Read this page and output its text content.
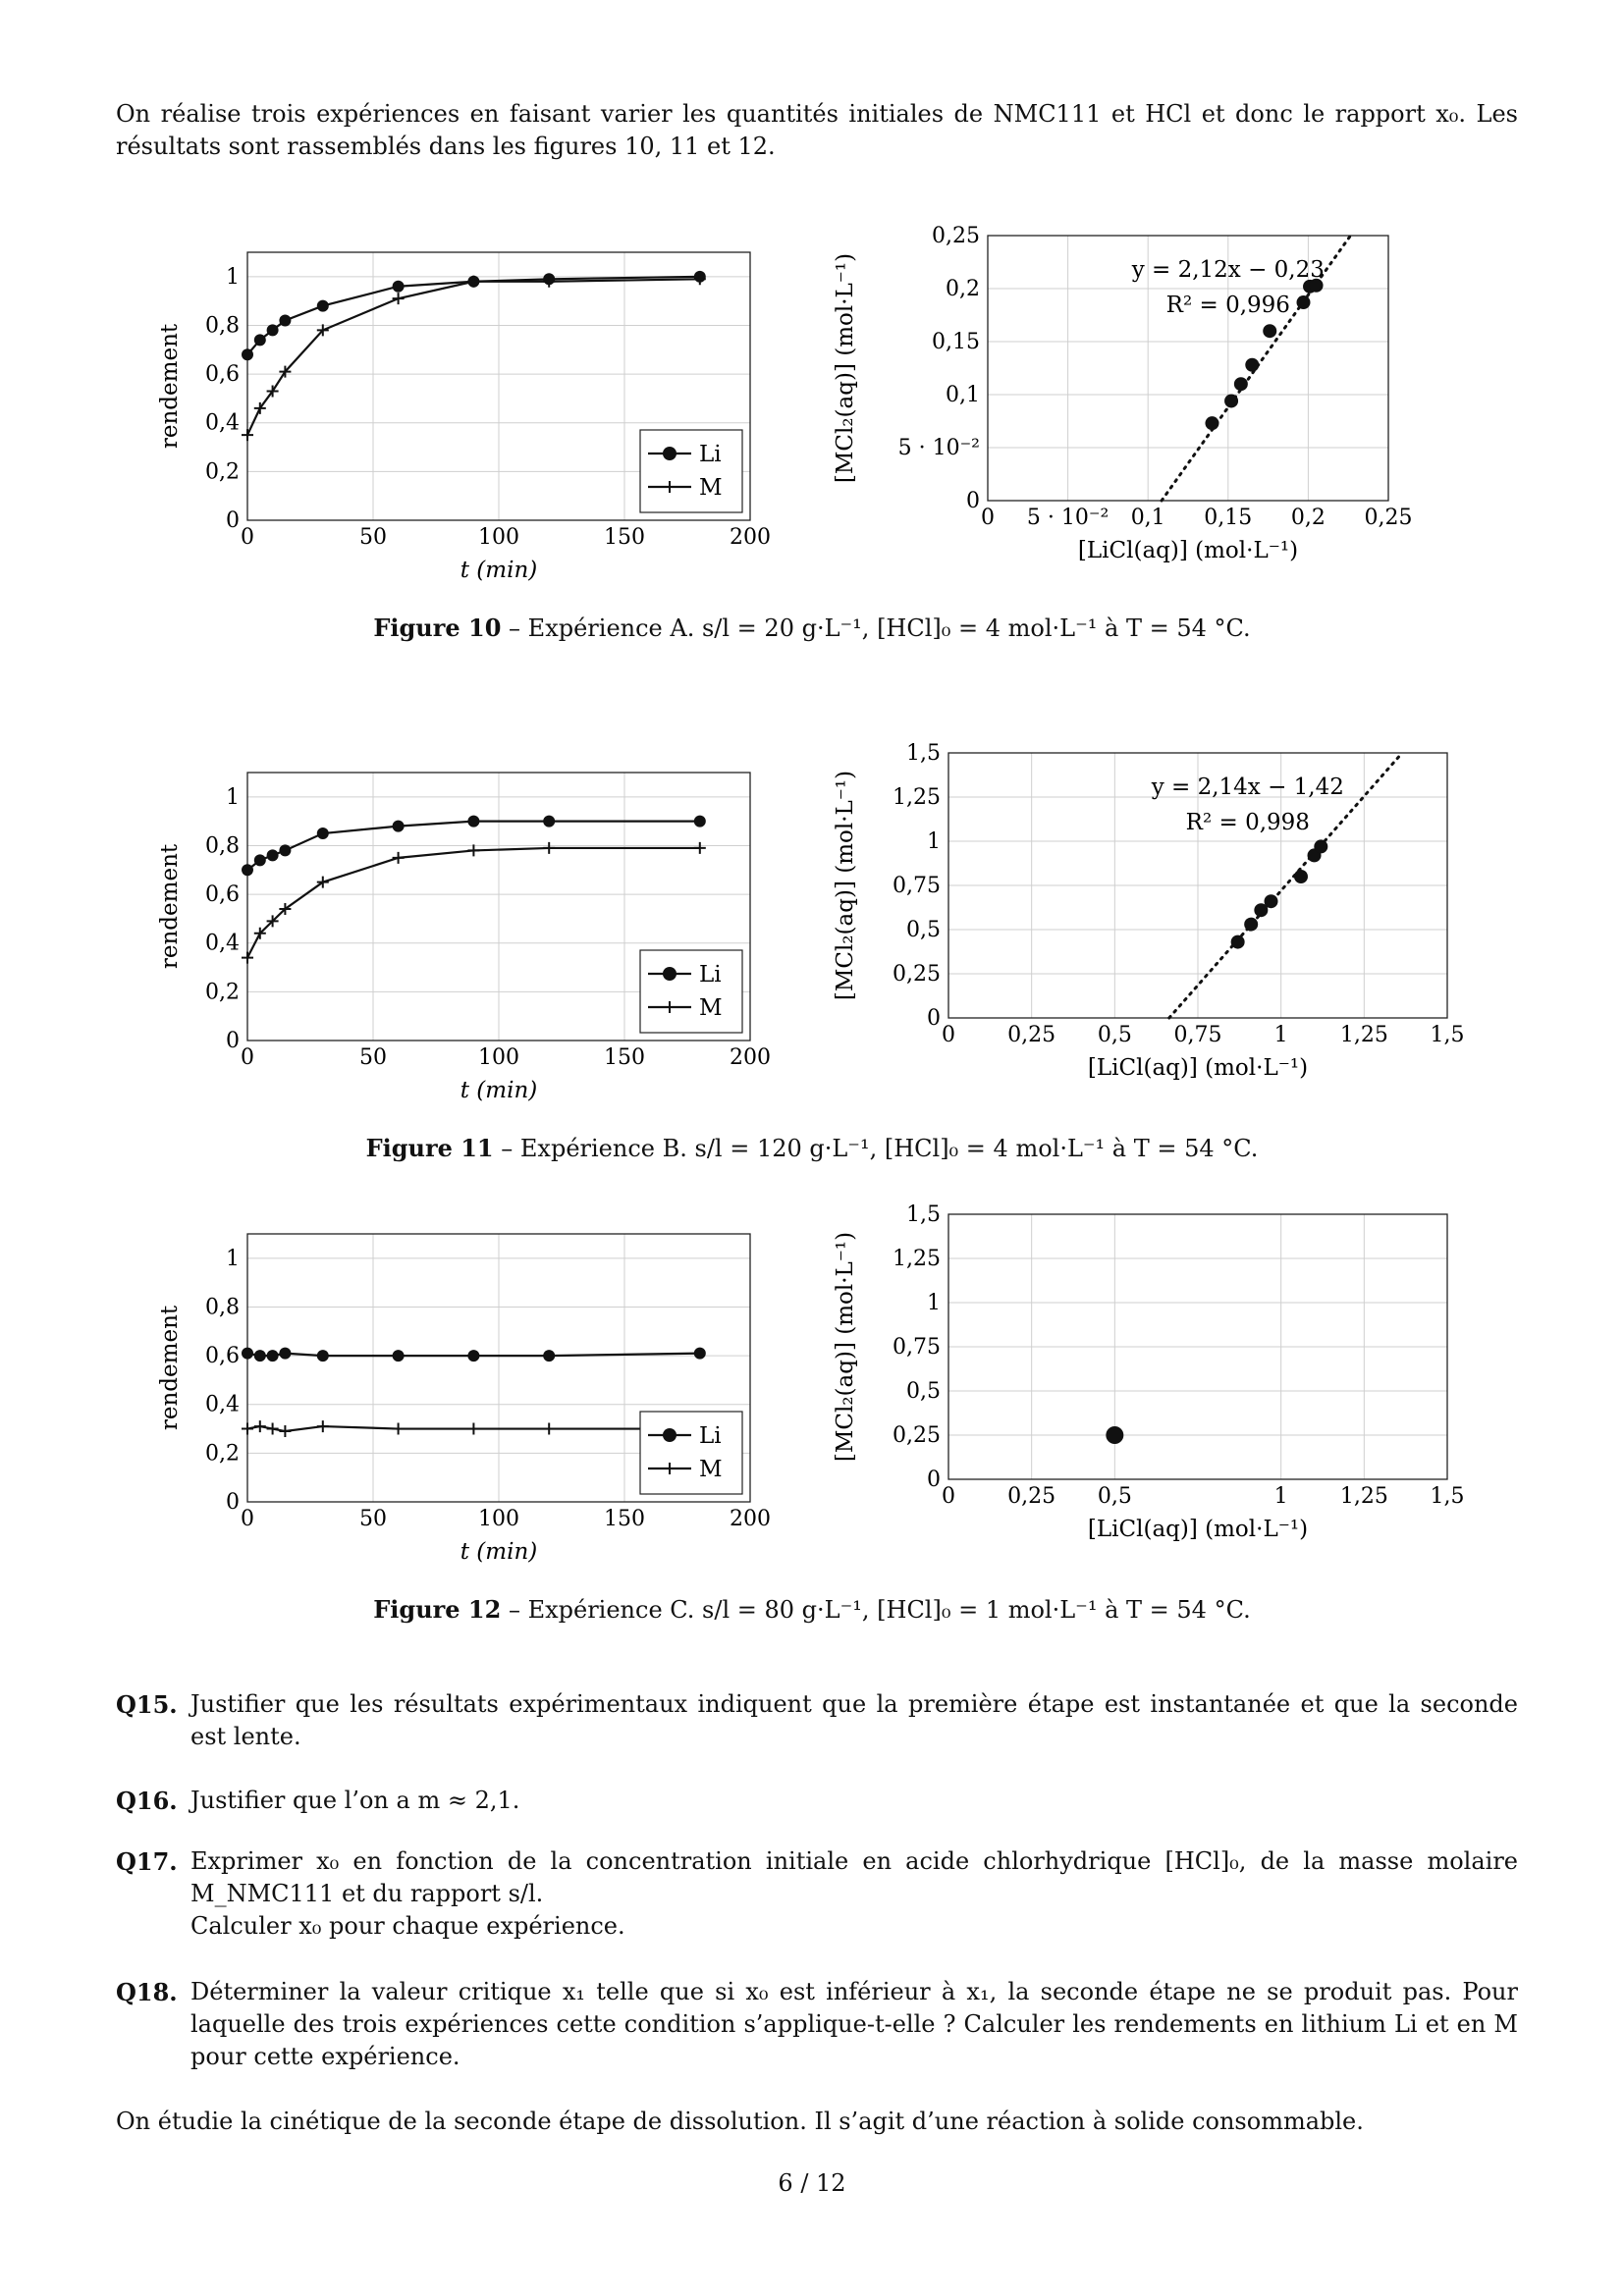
On réalise trois expériences en faisant varier les quantités initiales de NMC111 et HCl et donc le rapport x₀. Les résultats sont rassemblés dans les figures 10, 11 et 12.
0	50	100	150	200
0
0,2
0,4
0,6
0,8
1
t (min)
rendement
Li
M
0 5 · 10⁻² 0,1 0,15 0,2 0,25
0
5 · 10⁻²
0,1
0,15
0,2
0,25
[LiCl(aq)] (mol·L⁻¹)
[MCl₂(aq)] (mol·L⁻¹)	y = 2,12x − 0,23
R² = 0,996
Figure 10 – Expérience A. s/l = 20 g·L⁻¹, [HCl]₀ = 4 mol·L⁻¹ à T = 54 °C.
0	50	100	150	200
0
0,2
0,4
0,6
0,8
1
t (min)
rendement
Li
M
0 0,25 0,5 0,75 1 1,25 1,5
0
0,25
0,5
0,75
1
1,25
1,5
[LiCl(aq)] (mol·L⁻¹)
[MCl₂(aq)] (mol·L⁻¹)	y = 2,14x − 1,42
R² = 0,998
Figure 11 – Expérience B. s/l = 120 g·L⁻¹, [HCl]₀ = 4 mol·L⁻¹ à T = 54 °C.
0	50	100	150	200
0
0,2
0,4
0,6
0,8
1
t (min)
rendement
Li
M
0 0,25 0,5	1 1,25 1,5
0
0,25
0,5
0,75
1
1,25
1,5
[LiCl(aq)] (mol·L⁻¹)
[MCl₂(aq)] (mol·L⁻¹)
Figure 12 – Expérience C. s/l = 80 g·L⁻¹, [HCl]₀ = 1 mol·L⁻¹ à T = 54 °C.
Q15. Justifier que les résultats expérimentaux indiquent que la première étape est instantanée et que la seconde est lente.
Q16. Justifier que l’on a m ≈ 2,1.
Q17. Exprimer x₀ en fonction de la concentration initiale en acide chlorhydrique [HCl]₀, de la masse molaire M_NMC111 et du rapport s/l.
Calculer x₀ pour chaque expérience.
Q18. Déterminer la valeur critique x₁ telle que si x₀ est inférieur à x₁, la seconde étape ne se produit pas. Pour laquelle des trois expériences cette condition s’applique-t-elle ? Calculer les rendements en lithium Li et en M pour cette expérience.
On étudie la cinétique de la seconde étape de dissolution. Il s’agit d’une réaction à solide consommable.
6 / 12
